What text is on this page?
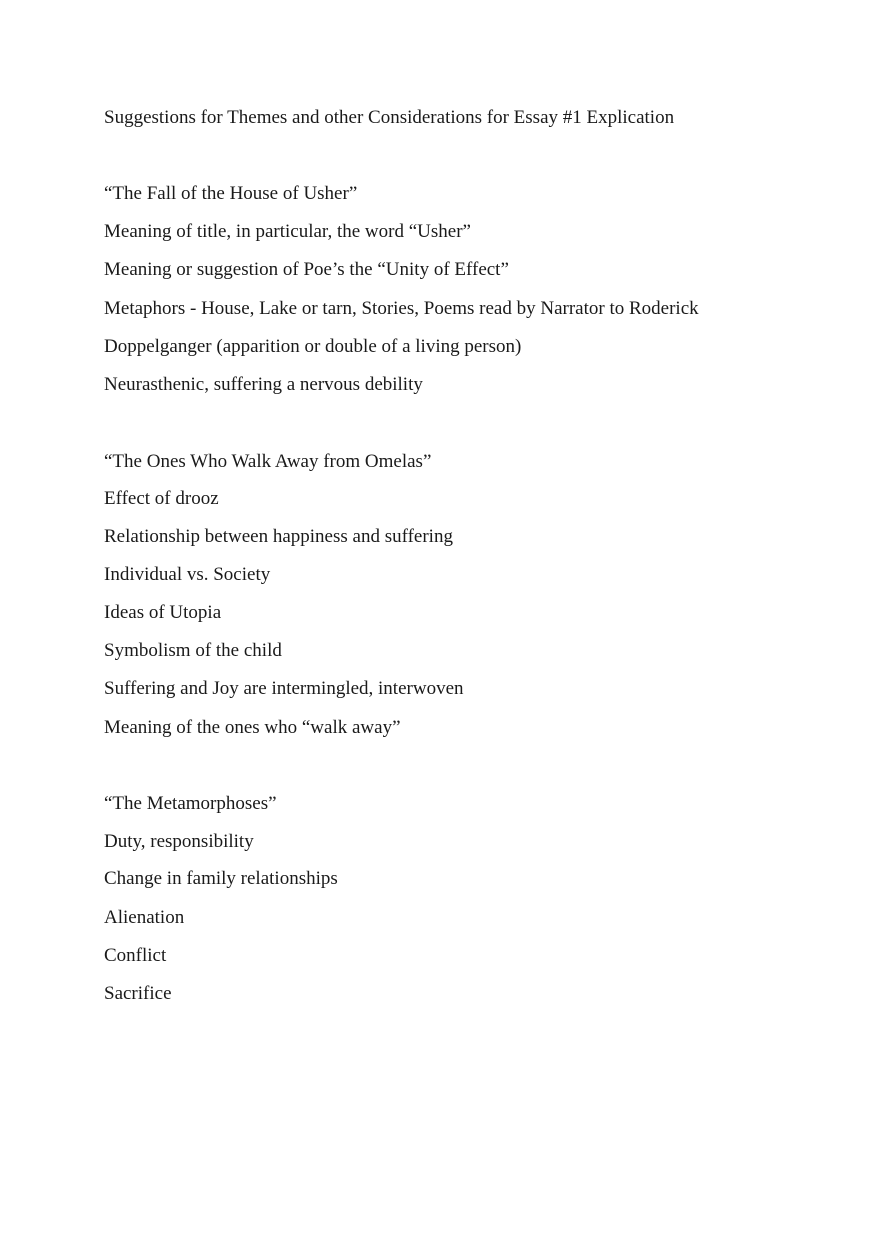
Suggestions for Themes and other Considerations for Essay #1 Explication
“The Fall of the House of Usher”
Meaning of title, in particular, the word “Usher”
Meaning or suggestion of Poe’s the “Unity of Effect”
Metaphors - House, Lake or tarn, Stories, Poems read by Narrator to Roderick
Doppelganger (apparition or double of a living person)
Neurasthenic, suffering a nervous debility
“The Ones Who Walk Away from Omelas”
Effect of drooz
Relationship between happiness and suffering
Individual vs. Society
Ideas of Utopia
Symbolism of the child
Suffering and Joy are intermingled, interwoven
Meaning of the ones who “walk away”
“The Metamorphoses”
Duty, responsibility
Change in family relationships
Alienation
Conflict
Sacrifice
